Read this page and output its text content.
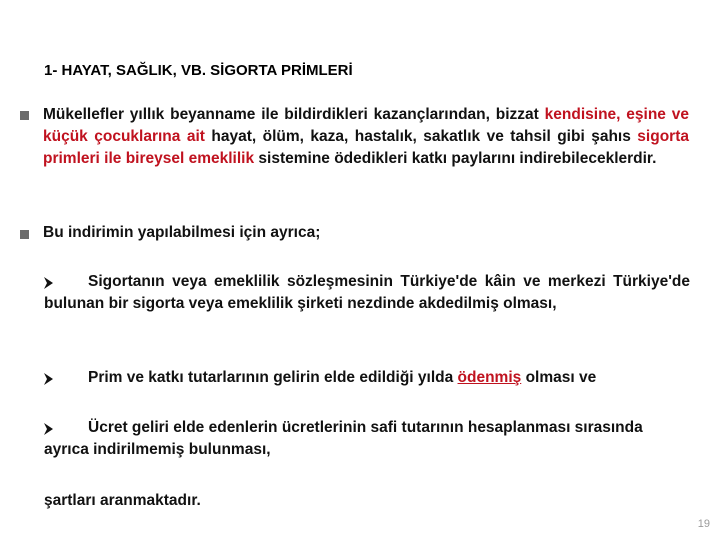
1- HAYAT, SAĞLIK, VB. SİGORTA PRİMLERİ
Mükellefler yıllık beyanname ile bildirdikleri kazançlarından, bizzat kendisine, eşine ve küçük çocuklarına ait hayat, ölüm, kaza, hastalık, sakatlık ve tahsil gibi şahıs sigorta primleri ile bireysel emeklilik sistemine ödedikleri katkı paylarını indirebileceklerdir.
Bu indirimin yapılabilmesi için ayrıca;
Sigortanın veya emeklilik sözleşmesinin Türkiye'de kâin ve merkezi Türkiye'de bulunan bir sigorta veya emeklilik şirketi nezdinde akdedilmiş olması,
Prim ve katkı tutarlarının gelirin elde edildiği yılda ödenmiş olması ve
Ücret geliri elde edenlerin ücretlerinin safi tutarının hesaplanması sırasında ayrıca indirilmemiş bulunması,
şartları aranmaktadır.
19
